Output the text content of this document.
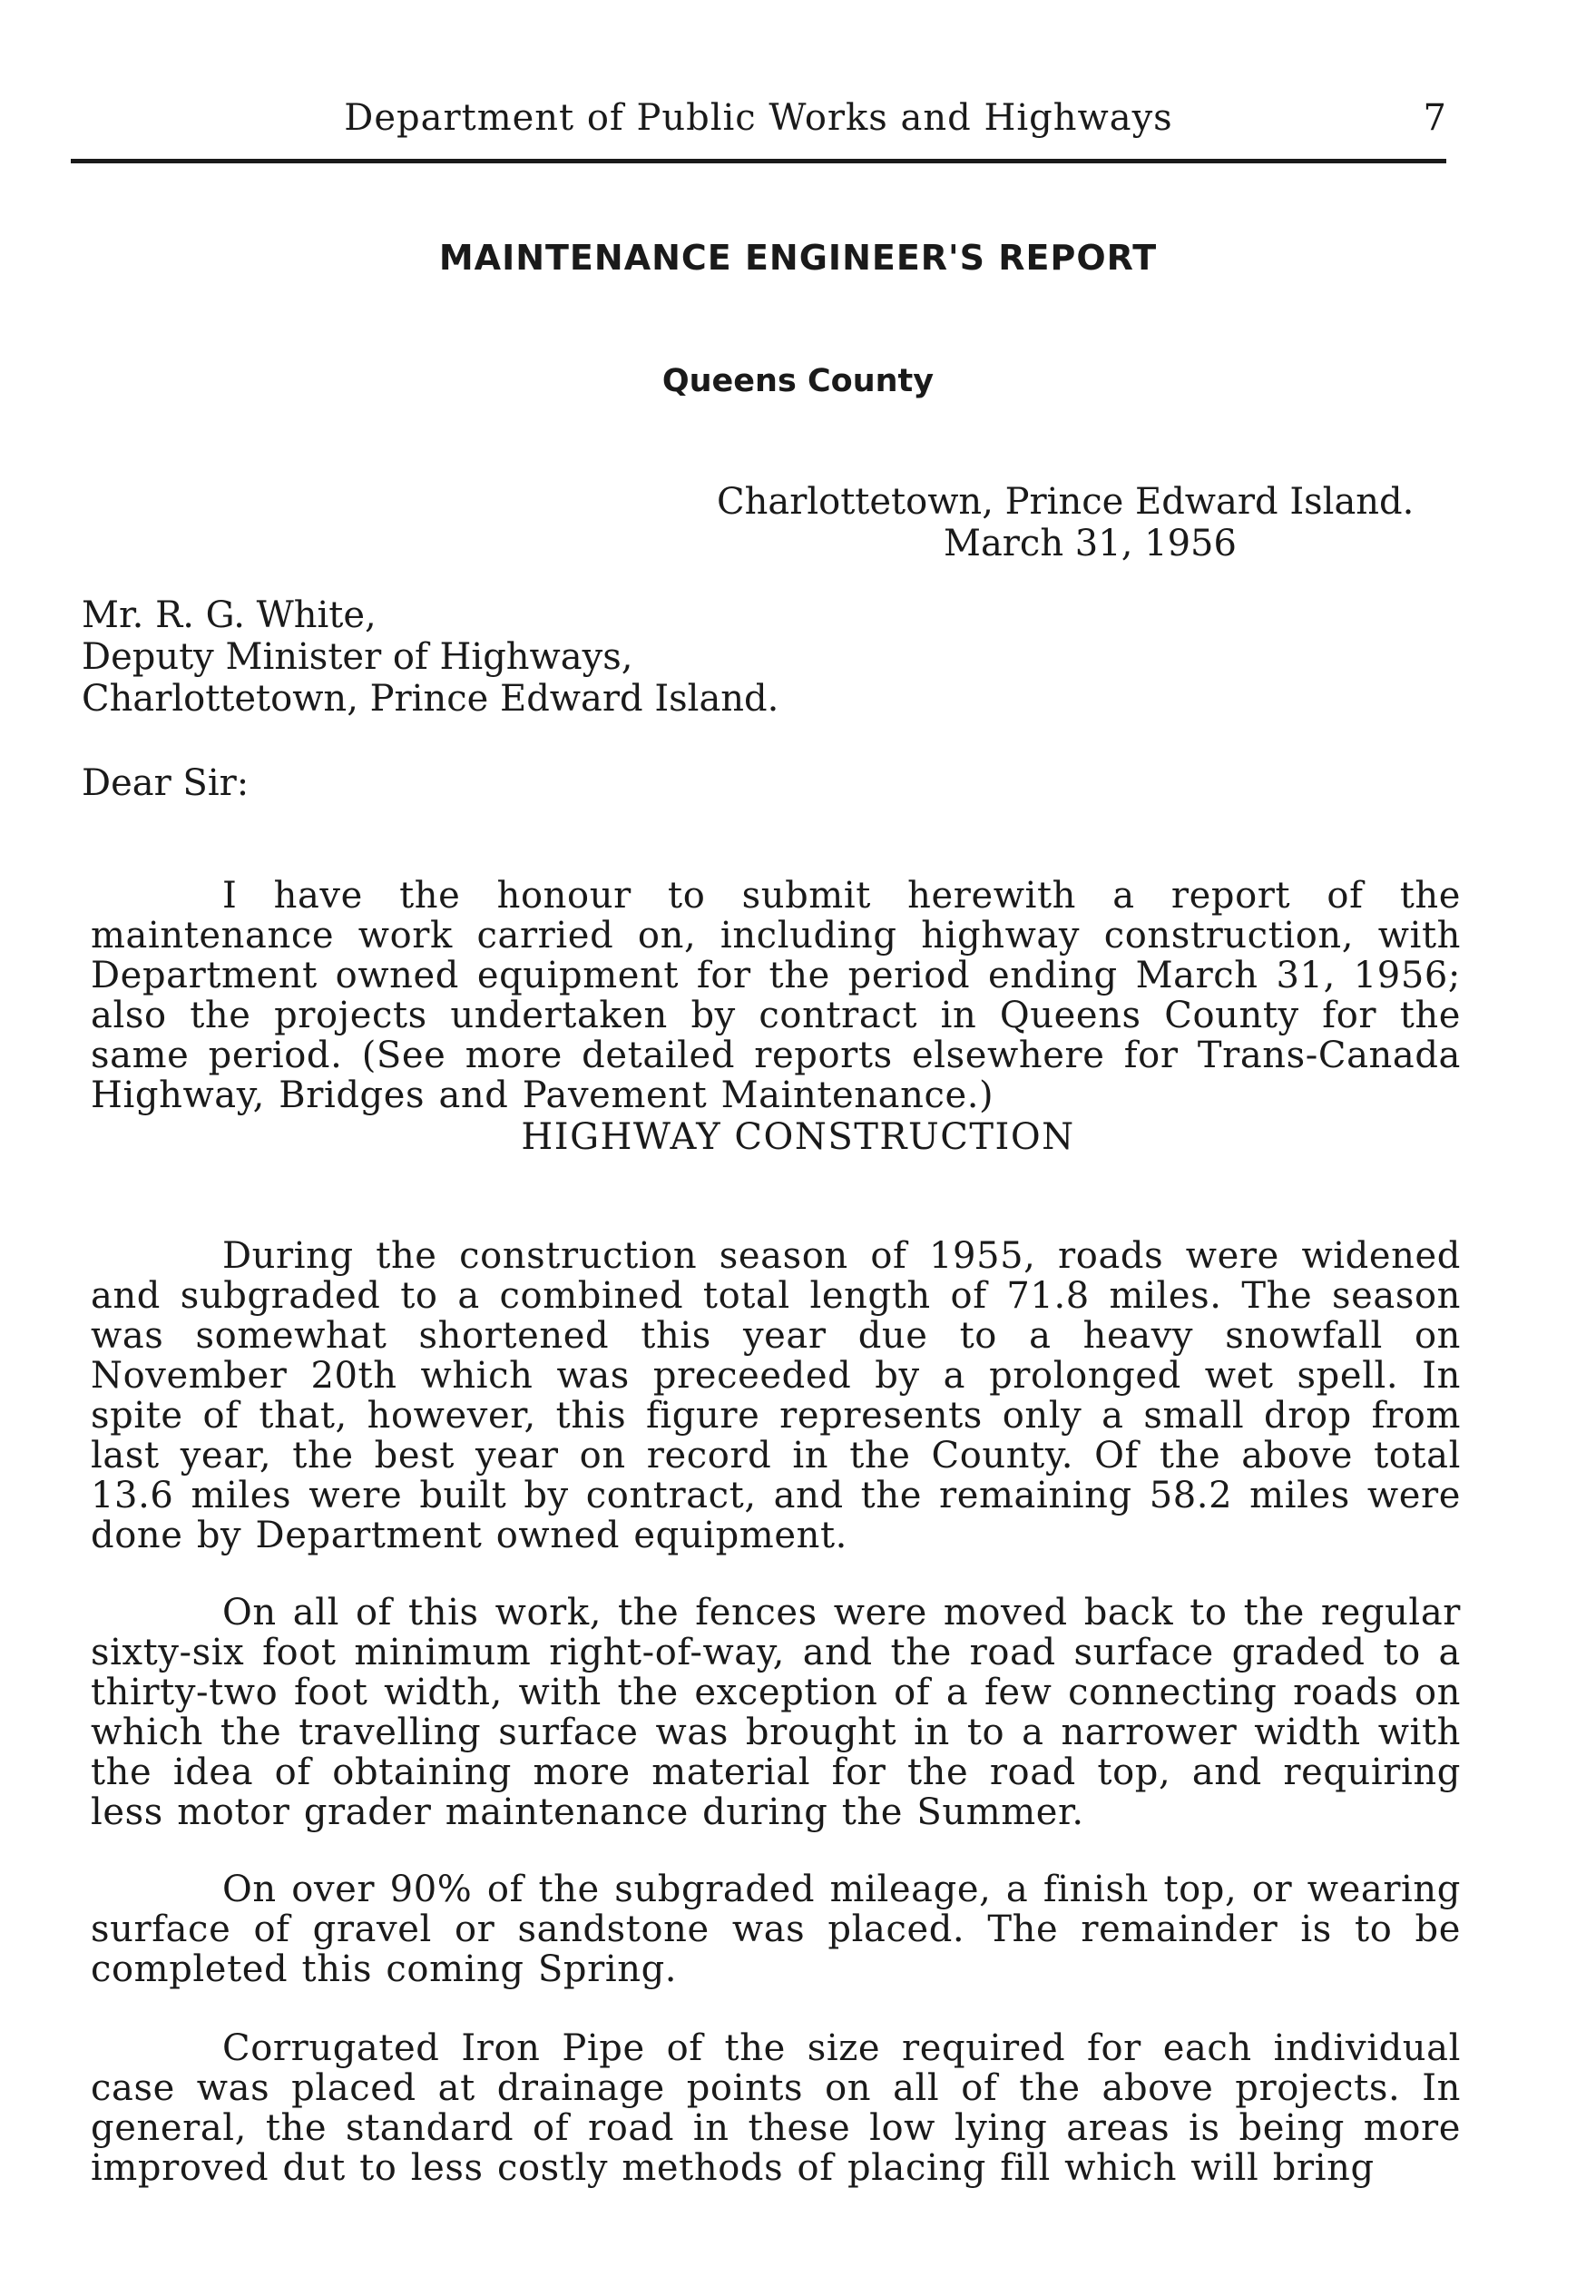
Department of Public Works and Highways	7
MAINTENANCE ENGINEER'S REPORT
Queens County
Charlottetown, Prince Edward Island.
March 31, 1956
Mr. R. G. White,
Deputy Minister of Highways,
Charlottetown, Prince Edward Island.
Dear Sir:

I have the honour to submit herewith a report of the maintenance work carried on, including highway construction, with Department owned equipment for the period ending March 31, 1956; also the projects undertaken by contract in Queens County for the same period. (See more detailed reports elsewhere for Trans-Canada Highway, Bridges and Pavement Maintenance.)

HIGHWAY CONSTRUCTION

During the construction season of 1955, roads were widened and subgraded to a combined total length of 71.8 miles. The season was somewhat shortened this year due to a heavy snowfall on November 20th which was preceeded by a prolonged wet spell. In spite of that, however, this figure represents only a small drop from last year, the best year on record in the County. Of the above total 13.6 miles were built by contract, and the remaining 58.2 miles were done by Department owned equipment.

On all of this work, the fences were moved back to the regular sixty-six foot minimum right-of-way, and the road surface graded to a thirty-two foot width, with the exception of a few connecting roads on which the travelling surface was brought in to a narrower width with the idea of obtaining more material for the road top, and requiring less motor grader maintenance during the Summer.

On over 90% of the subgraded mileage, a finish top, or wearing surface of gravel or sandstone was placed. The remainder is to be completed this coming Spring.

Corrugated Iron Pipe of the size required for each individual case was placed at drainage points on all of the above projects. In general, the standard of road in these low lying areas is being more improved dut to less costly methods of placing fill which will bring
